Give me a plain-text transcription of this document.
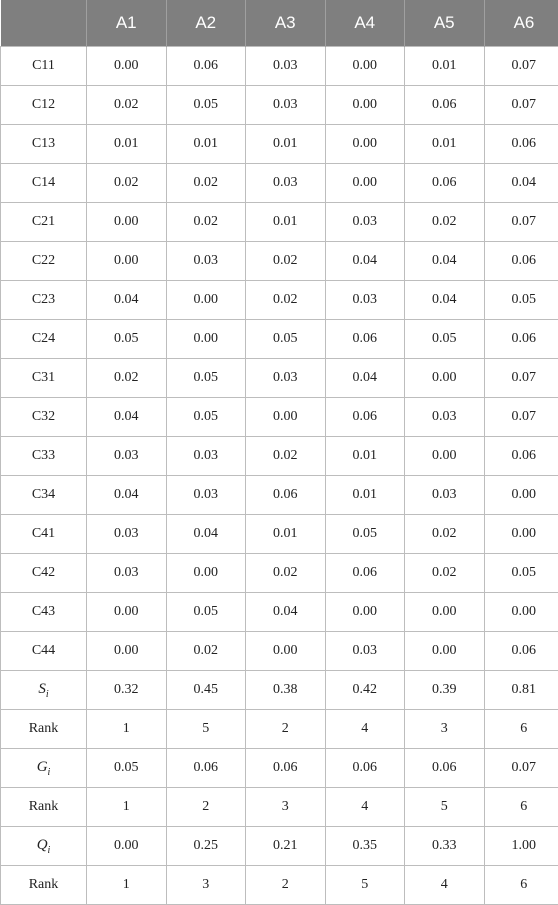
	A1	A2	A3	A4	A5	A6
C11	0.00	0.06	0.03	0.00	0.01	0.07
C12	0.02	0.05	0.03	0.00	0.06	0.07
C13	0.01	0.01	0.01	0.00	0.01	0.06
C14	0.02	0.02	0.03	0.00	0.06	0.04
C21	0.00	0.02	0.01	0.03	0.02	0.07
C22	0.00	0.03	0.02	0.04	0.04	0.06
C23	0.04	0.00	0.02	0.03	0.04	0.05
C24	0.05	0.00	0.05	0.06	0.05	0.06
C31	0.02	0.05	0.03	0.04	0.00	0.07
C32	0.04	0.05	0.00	0.06	0.03	0.07
C33	0.03	0.03	0.02	0.01	0.00	0.06
C34	0.04	0.03	0.06	0.01	0.03	0.00
C41	0.03	0.04	0.01	0.05	0.02	0.00
C42	0.03	0.00	0.02	0.06	0.02	0.05
C43	0.00	0.05	0.04	0.00	0.00	0.00
C44	0.00	0.02	0.00	0.03	0.00	0.06
$S_i$	0.32	0.45	0.38	0.42	0.39	0.81
Rank	1	5	2	4	3	6
$G_i$	0.05	0.06	0.06	0.06	0.06	0.07
Rank	1	2	3	4	5	6
$Q_i$	0.00	0.25	0.21	0.35	0.33	1.00
Rank	1	3	2	5	4	6
